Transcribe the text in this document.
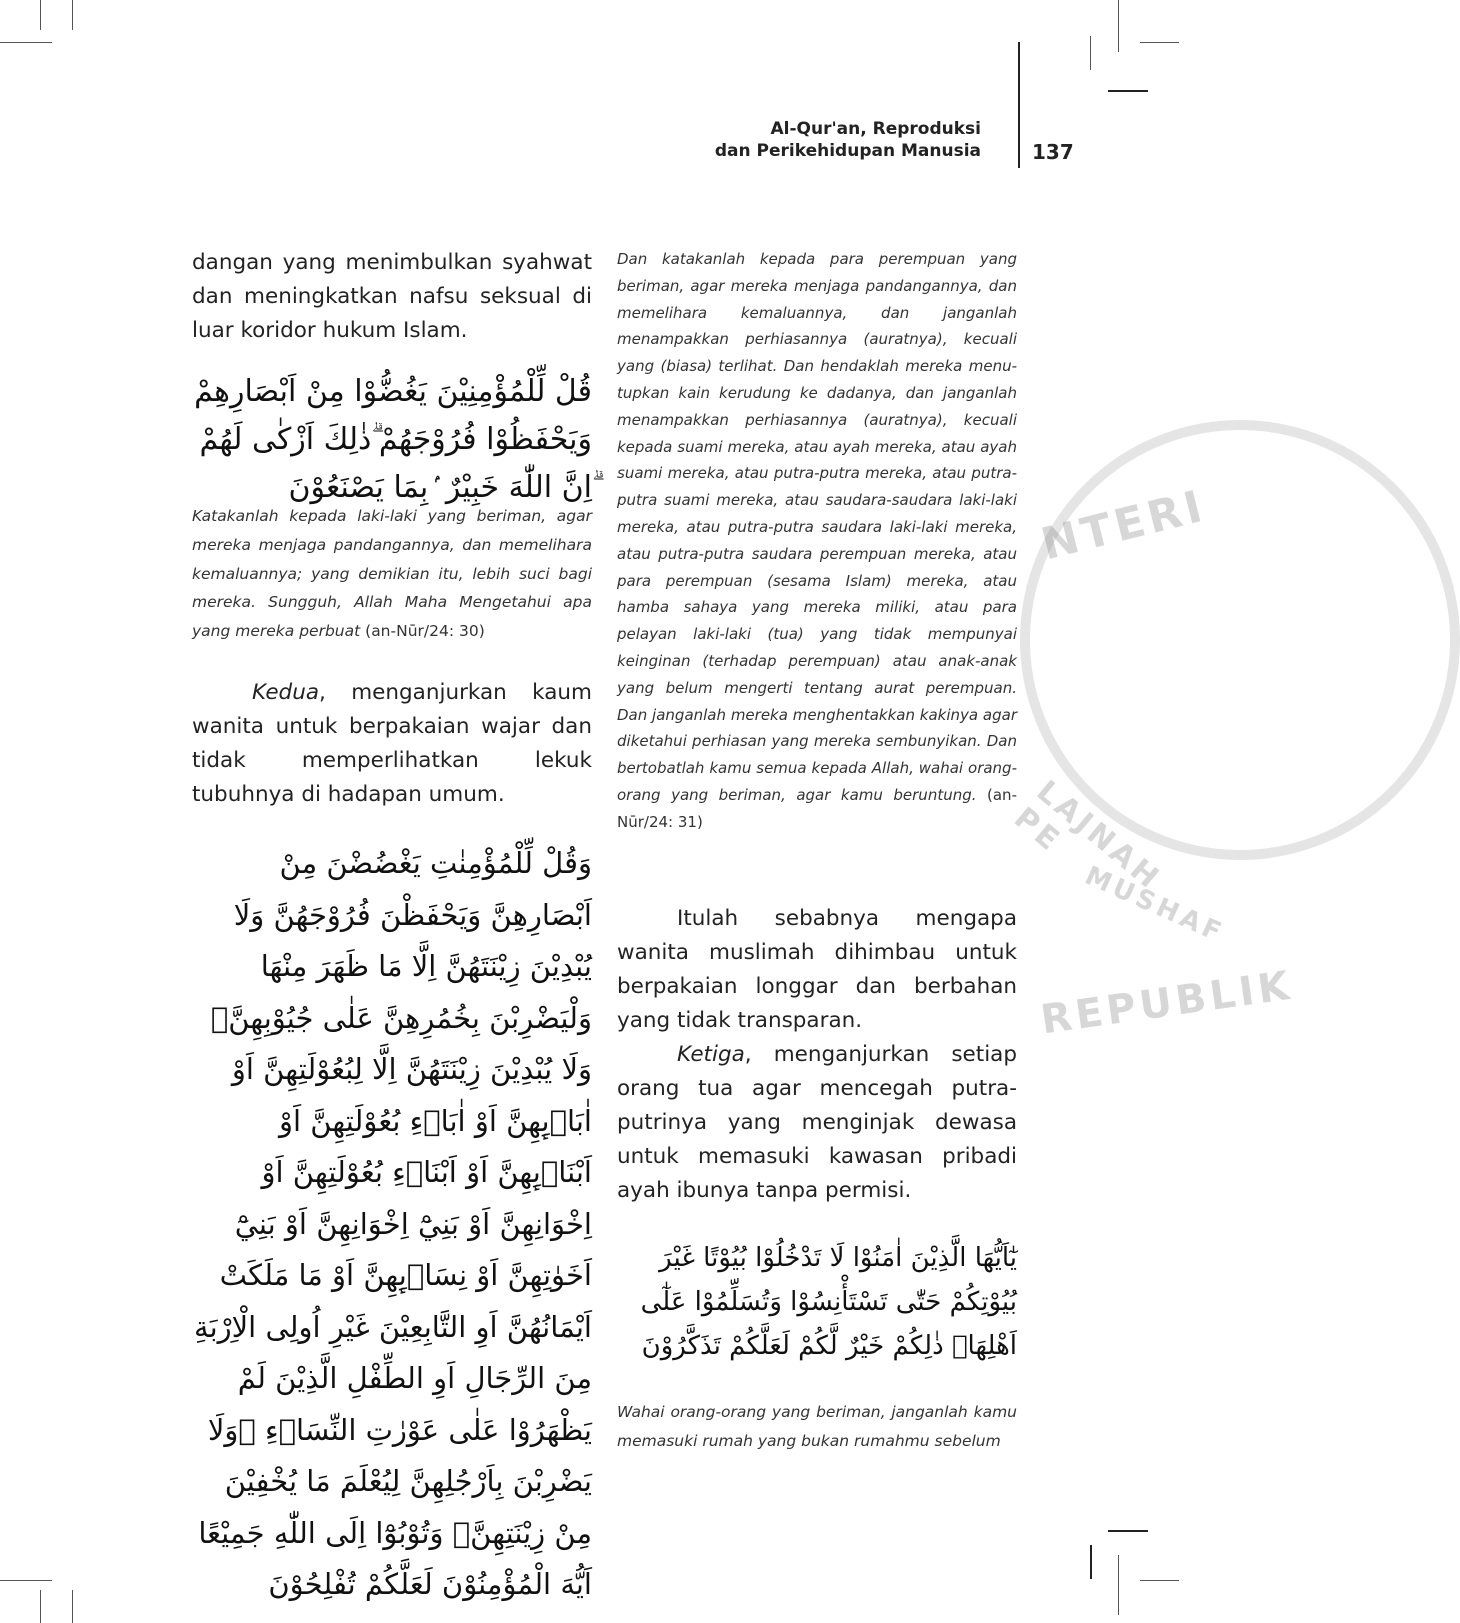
NTERI
LAJNAH PE
MUSHAF
REPUBLIK
Al-Qur'an, Reproduksi
dan Perikehidupan Manusia	137

dangan yang menimbulkan syahwat dan meningkatkan nafsu seksual di luar koridor hukum Islam.

قُلْ لِّلْمُؤْمِنِيْنَ يَغُضُّوْا مِنْ اَبْصَارِهِمْ وَيَحْفَظُوْا فُرُوْجَهُمْ ۗذٰلِكَ اَزْكٰى لَهُمْ ۗاِنَّ اللّٰهَ خَبِيْرٌ ۢبِمَا يَصْنَعُوْنَ

Katakanlah kepada laki-laki yang beriman, agar mereka menjaga pandangannya, dan memelihara kemaluannya; yang demikian itu, lebih suci bagi mereka. Sungguh, Allah Maha Mengetahui apa yang mereka perbuat (an-Nūr/24: 30)

Kedua, menganjurkan kaum wanita untuk berpakaian wajar dan tidak memperlihatkan lekuk tubuhnya di hadapan umum.

وَقُلْ لِّلْمُؤْمِنٰتِ يَغْضُضْنَ مِنْ اَبْصَارِهِنَّ وَيَحْفَظْنَ فُرُوْجَهُنَّ وَلَا يُبْدِيْنَ زِيْنَتَهُنَّ اِلَّا مَا ظَهَرَ مِنْهَا وَلْيَضْرِبْنَ بِخُمُرِهِنَّ عَلٰى جُيُوْبِهِنَّۖ وَلَا يُبْدِيْنَ زِيْنَتَهُنَّ اِلَّا لِبُعُوْلَتِهِنَّ اَوْ اٰبَاۤىِٕهِنَّ اَوْ اٰبَاۤءِ بُعُوْلَتِهِنَّ اَوْ اَبْنَاۤىِٕهِنَّ اَوْ اَبْنَاۤءِ بُعُوْلَتِهِنَّ اَوْ اِخْوَانِهِنَّ اَوْ بَنِيْٓ اِخْوَانِهِنَّ اَوْ بَنِيْٓ اَخَوٰتِهِنَّ اَوْ نِسَاۤىِٕهِنَّ اَوْ مَا مَلَكَتْ اَيْمَانُهُنَّ اَوِ التَّابِعِيْنَ غَيْرِ اُولِى الْاِرْبَةِ مِنَ الرِّجَالِ اَوِ الطِّفْلِ الَّذِيْنَ لَمْ يَظْهَرُوْا عَلٰى عَوْرٰتِ النِّسَاۤءِ ۖوَلَا يَضْرِبْنَ بِاَرْجُلِهِنَّ لِيُعْلَمَ مَا يُخْفِيْنَ مِنْ زِيْنَتِهِنَّۗ وَتُوْبُوْٓا اِلَى اللّٰهِ جَمِيْعًا اَيُّهَ الْمُؤْمِنُوْنَ لَعَلَّكُمْ تُفْلِحُوْنَ

Dan katakanlah kepada para perempuan yang beriman, agar mereka menjaga pandangannya, dan memelihara kemaluannya, dan janganlah menampakkan perhiasannya (auratnya), kecuali yang (biasa) terlihat. Dan hendaklah mereka menu-tupkan kain kerudung ke dadanya, dan janganlah menampakkan perhiasannya (auratnya), kecuali kepada suami mereka, atau ayah mereka, atau ayah suami mereka, atau putra-putra mereka, atau putra-putra suami mereka, atau saudara-saudara laki-laki mereka, atau putra-putra saudara laki-laki mereka, atau putra-putra saudara perempuan mereka, atau para perempuan (sesama Islam) mereka, atau hamba sahaya yang mereka miliki, atau para pelayan laki-laki (tua) yang tidak mempunyai keinginan (terhadap perempuan) atau anak-anak yang belum mengerti tentang aurat perempuan. Dan janganlah mereka menghentakkan kakinya agar diketahui perhiasan yang mereka sembunyikan. Dan bertobatlah kamu semua kepada Allah, wahai orang-orang yang beriman, agar kamu beruntung. (an-Nūr/24: 31)

Itulah sebabnya mengapa wanita muslimah dihimbau untuk berpakaian longgar dan berbahan yang tidak transparan.

Ketiga, menganjurkan setiap orang tua agar mencegah putra-putrinya yang menginjak dewasa untuk memasuki kawasan pribadi ayah ibunya tanpa permisi.

يٰٓاَيُّهَا الَّذِيْنَ اٰمَنُوْا لَا تَدْخُلُوْا بُيُوْتًا غَيْرَ بُيُوْتِكُمْ حَتّٰى تَسْتَأْنِسُوْا وَتُسَلِّمُوْا عَلٰٓى اَهْلِهَاۗ ذٰلِكُمْ خَيْرٌ لَّكُمْ لَعَلَّكُمْ تَذَكَّرُوْنَ

Wahai orang-orang yang beriman, janganlah kamu memasuki rumah yang bukan rumahmu sebelum
